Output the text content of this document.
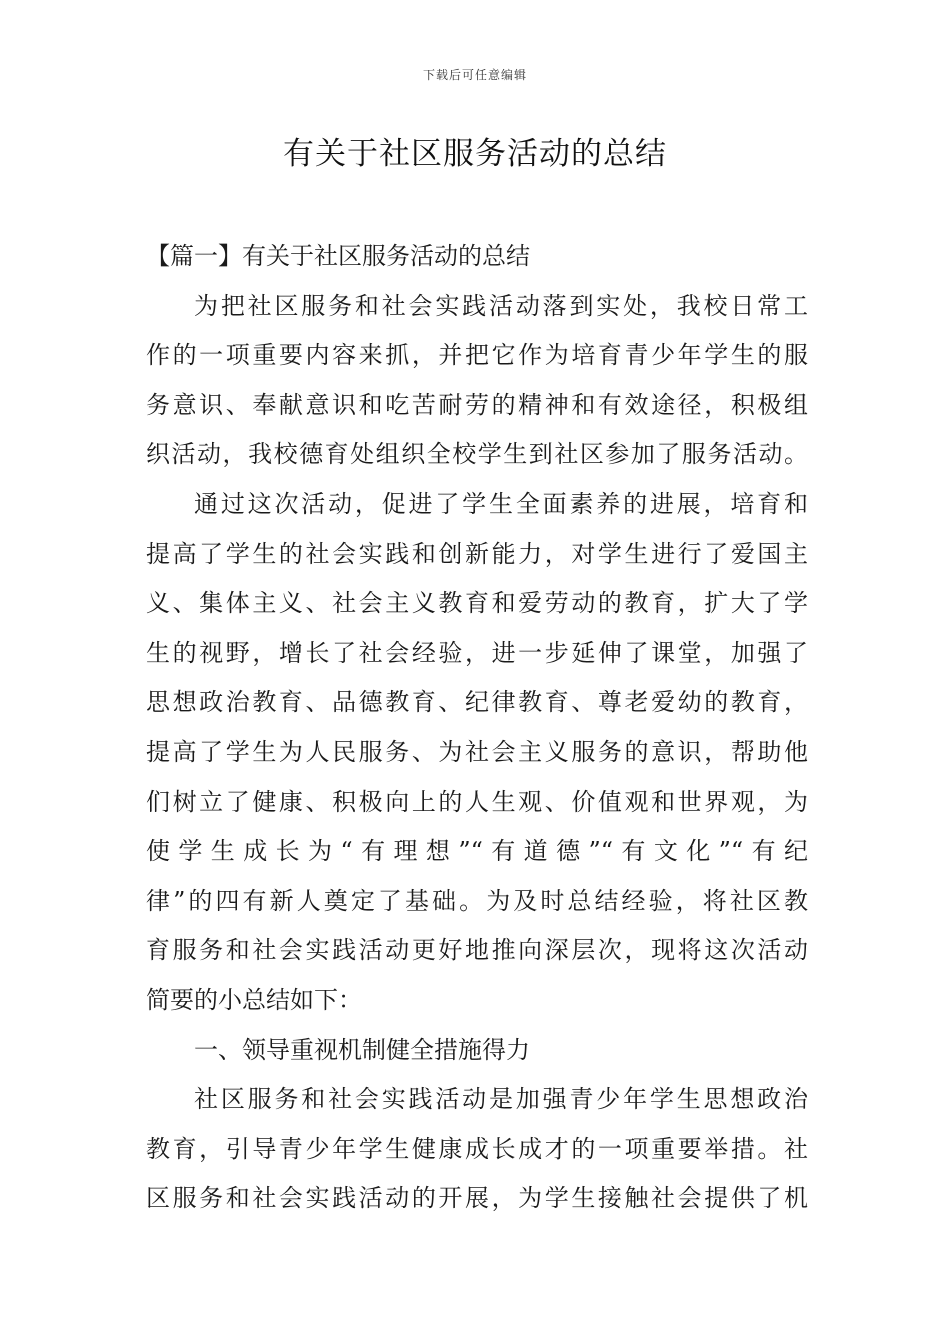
下载后可任意编辑
有关于社区服务活动的总结
【篇一】有关于社区服务活动的总结
为把社区服务和社会实践活动落到实处，我校日常工
作的一项重要内容来抓，并把它作为培育青少年学生的服
务意识、奉献意识和吃苦耐劳的精神和有效途径，积极组
织活动，我校德育处组织全校学生到社区参加了服务活动。
通过这次活动，促进了学生全面素养的进展，培育和
提高了学生的社会实践和创新能力，对学生进行了爱国主
义、集体主义、社会主义教育和爱劳动的教育，扩大了学
生的视野，增长了社会经验，进一步延伸了课堂，加强了
思想政治教育、品德教育、纪律教育、尊老爱幼的教育，
提高了学生为人民服务、为社会主义服务的意识，帮助他
们树立了健康、积极向上的人生观、价值观和世界观，为
使学生成长为“有理想”“有道德”“有文化”“有纪
律”的四有新人奠定了基础。为及时总结经验，将社区教
育服务和社会实践活动更好地推向深层次，现将这次活动
简要的小总结如下：
一、领导重视机制健全措施得力
社区服务和社会实践活动是加强青少年学生思想政治
教育，引导青少年学生健康成长成才的一项重要举措。社
区服务和社会实践活动的开展，为学生接触社会提供了机
